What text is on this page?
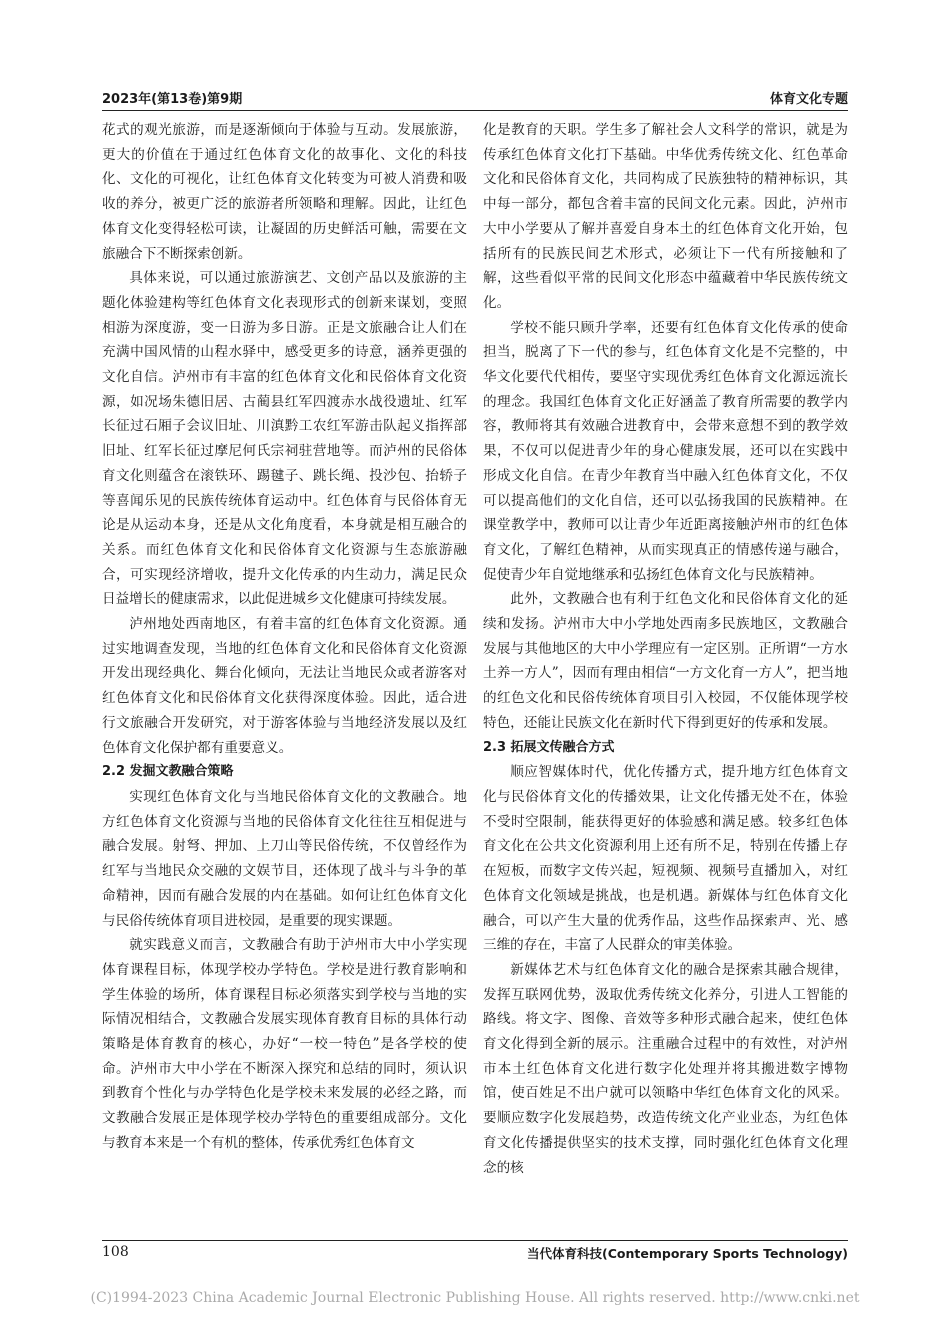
2023年(第13卷)第9期	体育文化专题

花式的观光旅游，而是逐渐倾向于体验与互动。发展旅游，更大的价值在于通过红色体育文化的故事化、文化的科技化、文化的可视化，让红色体育文化转变为可被人消费和吸收的养分，被更广泛的旅游者所领略和理解。因此，让红色体育文化变得轻松可读，让凝固的历史鲜活可触，需要在文旅融合下不断探索创新。

具体来说，可以通过旅游演艺、文创产品以及旅游的主题化体验建构等红色体育文化表现形式的创新来谋划，变照相游为深度游，变一日游为多日游。正是文旅融合让人们在充满中国风情的山程水驿中，感受更多的诗意，涵养更强的文化自信。泸州市有丰富的红色体育文化和民俗体育文化资源，如况场朱德旧居、古蔺县红军四渡赤水战役遗址、红军长征过石厢子会议旧址、川滇黔工农红军游击队起义指挥部旧址、红军长征过摩尼何氏宗祠驻营地等。而泸州的民俗体育文化则蕴含在滚铁环、踢毽子、跳长绳、投沙包、抬轿子等喜闻乐见的民族传统体育运动中。红色体育与民俗体育无论是从运动本身，还是从文化角度看，本身就是相互融合的关系。而红色体育文化和民俗体育文化资源与生态旅游融合，可实现经济增收，提升文化传承的内生动力，满足民众日益增长的健康需求，以此促进城乡文化健康可持续发展。

泸州地处西南地区，有着丰富的红色体育文化资源。通过实地调查发现，当地的红色体育文化和民俗体育文化资源开发出现经典化、舞台化倾向，无法让当地民众或者游客对红色体育文化和民俗体育文化获得深度体验。因此，适合进行文旅融合开发研究，对于游客体验与当地经济发展以及红色体育文化保护都有重要意义。

2.2 发掘文教融合策略

实现红色体育文化与当地民俗体育文化的文教融合。地方红色体育文化资源与当地的民俗体育文化往往互相促进与融合发展。射弩、押加、上刀山等民俗传统，不仅曾经作为红军与当地民众交融的文娱节目，还体现了战斗与斗争的革命精神，因而有融合发展的内在基础。如何让红色体育文化与民俗传统体育项目进校园，是重要的现实课题。

就实践意义而言，文教融合有助于泸州市大中小学实现体育课程目标，体现学校办学特色。学校是进行教育影响和学生体验的场所，体育课程目标必须落实到学校与当地的实际情况相结合，文教融合发展实现体育教育目标的具体行动策略是体育教育的核心，办好“一校一特色”是各学校的使命。泸州市大中小学在不断深入探究和总结的同时，须认识到教育个性化与办学特色化是学校未来发展的必经之路，而文教融合发展正是体现学校办学特色的重要组成部分。文化与教育本来是一个有机的整体，传承优秀红色体育文

化是教育的天职。学生多了解社会人文科学的常识，就是为传承红色体育文化打下基础。中华优秀传统文化、红色革命文化和民俗体育文化，共同构成了民族独特的精神标识，其中每一部分，都包含着丰富的民间文化元素。因此，泸州市大中小学要从了解并喜爱自身本土的红色体育文化开始，包括所有的民族民间艺术形式，必须让下一代有所接触和了解，这些看似平常的民间文化形态中蕴藏着中华民族传统文化。

学校不能只顾升学率，还要有红色体育文化传承的使命担当，脱离了下一代的参与，红色体育文化是不完整的，中华文化要代代相传，要坚守实现优秀红色体育文化源远流长的理念。我国红色体育文化正好涵盖了教育所需要的教学内容，教师将其有效融合进教育中，会带来意想不到的教学效果，不仅可以促进青少年的身心健康发展，还可以在实践中形成文化自信。在青少年教育当中融入红色体育文化，不仅可以提高他们的文化自信，还可以弘扬我国的民族精神。在课堂教学中，教师可以让青少年近距离接触泸州市的红色体育文化，了解红色精神，从而实现真正的情感传递与融合，促使青少年自觉地继承和弘扬红色体育文化与民族精神。

此外，文教融合也有利于红色文化和民俗体育文化的延续和发扬。泸州市大中小学地处西南多民族地区，文教融合发展与其他地区的大中小学理应有一定区别。正所谓“一方水土养一方人”，因而有理由相信“一方文化育一方人”，把当地的红色文化和民俗传统体育项目引入校园，不仅能体现学校特色，还能让民族文化在新时代下得到更好的传承和发展。

2.3 拓展文传融合方式

顺应智媒体时代，优化传播方式，提升地方红色体育文化与民俗体育文化的传播效果，让文化传播无处不在，体验不受时空限制，能获得更好的体验感和满足感。较多红色体育文化在公共文化资源利用上还有所不足，特别在传播上存在短板，而数字文传兴起，短视频、视频号直播加入，对红色体育文化领域是挑战，也是机遇。新媒体与红色体育文化融合，可以产生大量的优秀作品，这些作品探索声、光、感三维的存在，丰富了人民群众的审美体验。

新媒体艺术与红色体育文化的融合是探索其融合规律，发挥互联网优势，汲取优秀传统文化养分，引进人工智能的路线。将文字、图像、音效等多种形式融合起来，使红色体育文化得到全新的展示。注重融合过程中的有效性，对泸州市本土红色体育文化进行数字化处理并将其搬进数字博物馆，使百姓足不出户就可以领略中华红色体育文化的风采。要顺应数字化发展趋势，改造传统文化产业业态，为红色体育文化传播提供坚实的技术支撑，同时强化红色体育文化理念的核

108	当代体育科技(Contemporary Sports Technology)
(C)1994-2023 China Academic Journal Electronic Publishing House. All rights reserved. http://www.cnki.net
